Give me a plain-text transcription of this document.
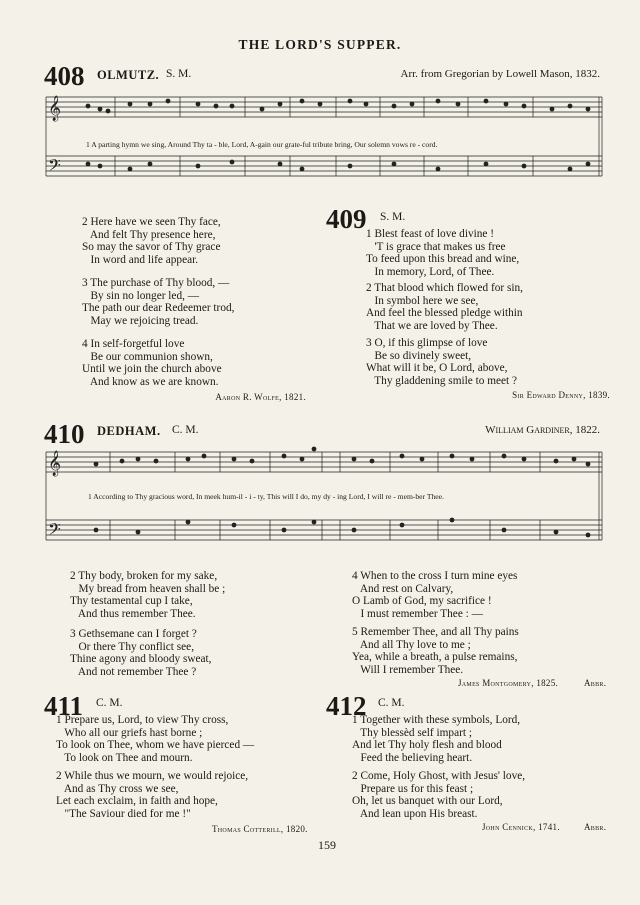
THE LORD'S SUPPER.
408 OLMUTZ. S. M.	Arr. from Gregorian by Lowell Mason, 1832.
𝄞
𝄢
1 A parting hymn we sing, Around Thy ta - ble, Lord, A-gain our grate-ful tribute bring, Our solemn vows re - cord.
2 Here have we seen Thy face,
And felt Thy presence here,
So may the savor of Thy grace
In word and life appear.
3 The purchase of Thy blood, —
By sin no longer led, —
The path our dear Redeemer trod,
May we rejoicing tread.
4 In self-forgetful love
Be our communion shown,
Until we join the church above
And know as we are known.
Aaron R. Wolfe, 1821.
409 S. M.
1 Blest feast of love divine !
'T is grace that makes us free
To feed upon this bread and wine,
In memory, Lord, of Thee.
2 That blood which flowed for sin,
In symbol here we see,
And feel the blessed pledge within
That we are loved by Thee.
3 O, if this glimpse of love
Be so divinely sweet,
What will it be, O Lord, above,
Thy gladdening smile to meet ?
Sir Edward Denny, 1839.
410 DEDHAM. C. M.	William Gardiner, 1822.
𝄞
𝄢
1 According to Thy gracious word, In meek hum-il - i - ty, This will I do, my dy - ing Lord, I will re - mem-ber Thee.
2 Thy body, broken for my sake,
My bread from heaven shall be ;
Thy testamental cup I take,
And thus remember Thee.
3 Gethsemane can I forget ?
Or there Thy conflict see,
Thine agony and bloody sweat,
And not remember Thee ?
4 When to the cross I turn mine eyes
And rest on Calvary,
O Lamb of God, my sacrifice !
I must remember Thee : —
5 Remember Thee, and all Thy pains
And all Thy love to me ;
Yea, while a breath, a pulse remains,
Will I remember Thee.
James Montgomery, 1825.	Abbr.
411 C. M.
1 Prepare us, Lord, to view Thy cross,
Who all our griefs hast borne ;
To look on Thee, whom we have pierced —
To look on Thee and mourn.
2 While thus we mourn, we would rejoice,
And as Thy cross we see,
Let each exclaim, in faith and hope,
"The Saviour died for me !"
Thomas Cotterill, 1820.
412 C. M.
1 Together with these symbols, Lord,
Thy blessèd self impart ;
And let Thy holy flesh and blood
Feed the believing heart.
2 Come, Holy Ghost, with Jesus' love,
Prepare us for this feast ;
Oh, let us banquet with our Lord,
And lean upon His breast.
John Cennick, 1741.	Abbr.
159
